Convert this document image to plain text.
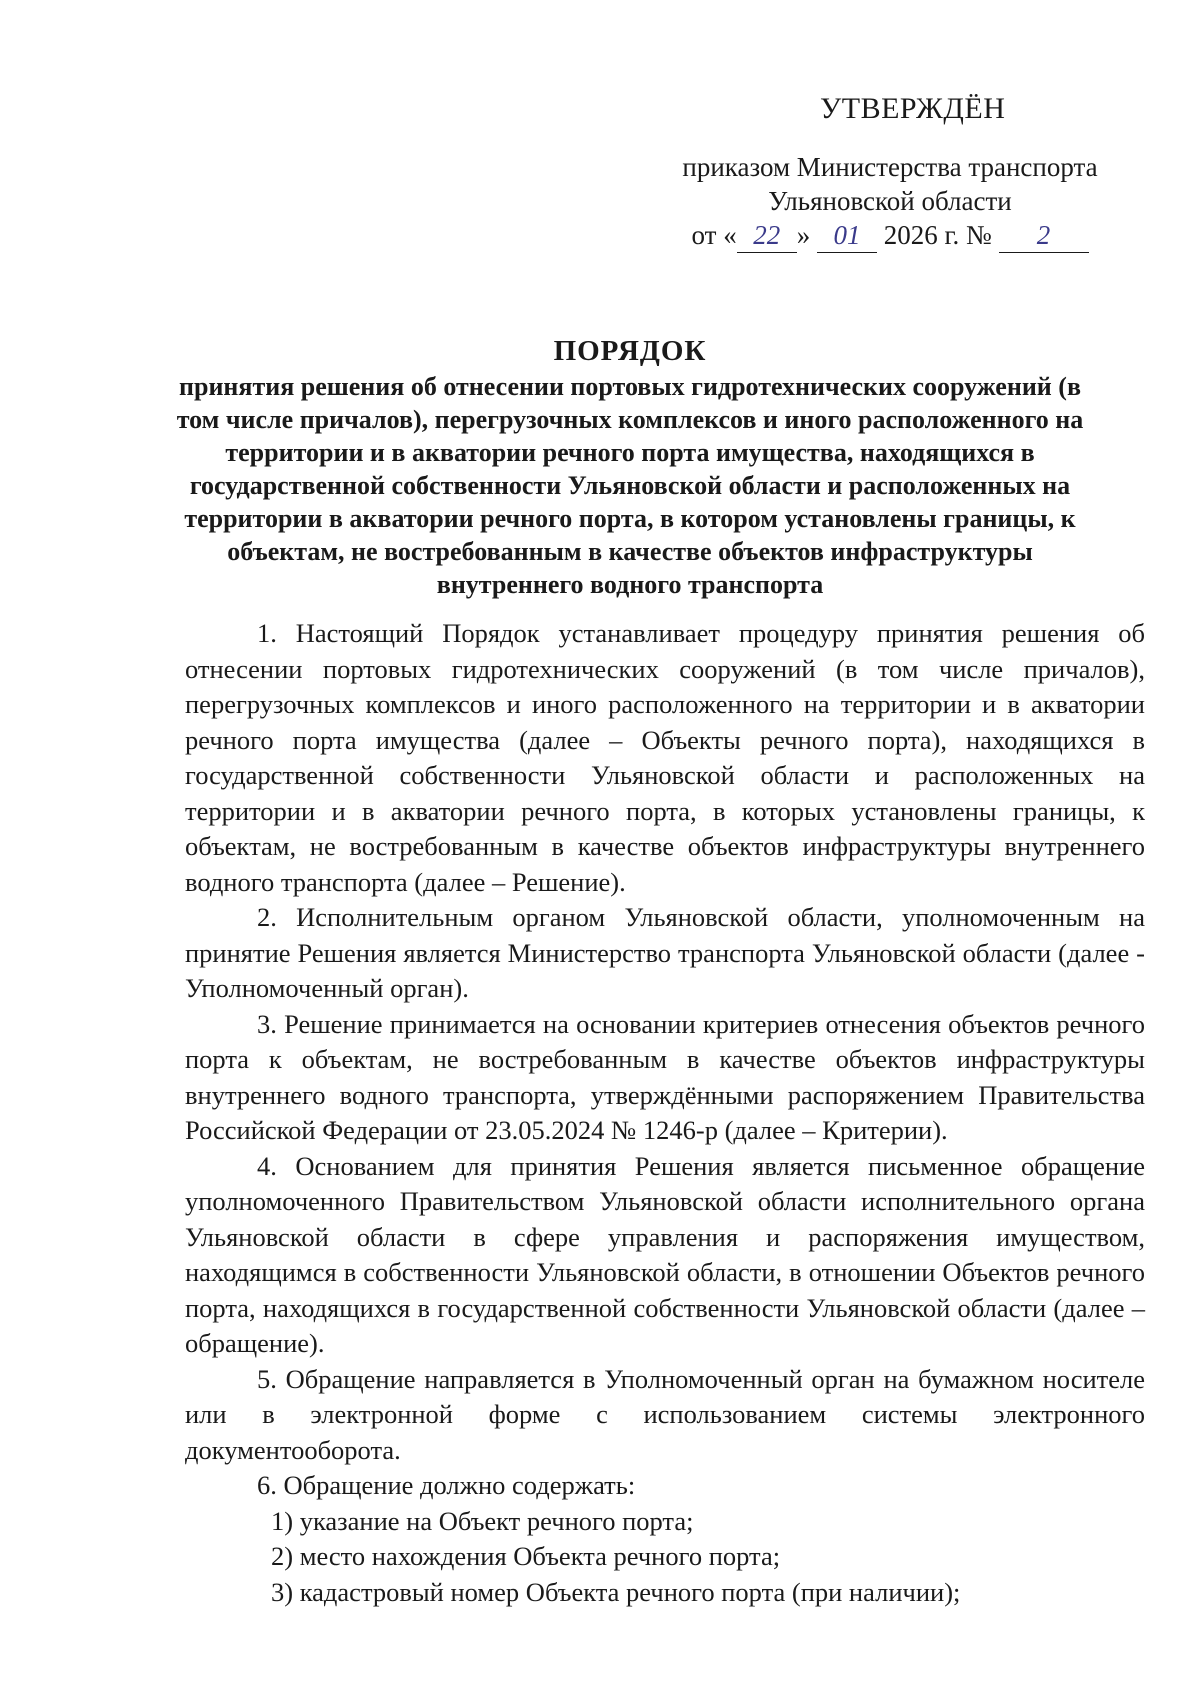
УТВЕРЖДЁН
приказом Министерства транспорта
Ульяновской области
от « 22 » 01 2026 г. № 2
ПОРЯДОК
принятия решения об отнесении портовых гидротехнических сооружений (в том числе причалов), перегрузочных комплексов и иного расположенного на территории и в акватории речного порта имущества, находящихся в государственной собственности Ульяновской области и расположенных на территории в акватории речного порта, в котором установлены границы, к объектам, не востребованным в качестве объектов инфраструктуры внутреннего водного транспорта

1. Настоящий Порядок устанавливает процедуру принятия решения об отнесении портовых гидротехнических сооружений (в том числе причалов), перегрузочных комплексов и иного расположенного на территории и в акватории речного порта имущества (далее – Объекты речного порта), находящихся в государственной собственности Ульяновской области и расположенных на территории и в акватории речного порта, в которых установлены границы, к объектам, не востребованным в качестве объектов инфраструктуры внутреннего водного транспорта (далее – Решение).

2. Исполнительным органом Ульяновской области, уполномоченным на принятие Решения является Министерство транспорта Ульяновской области (далее - Уполномоченный орган).

3. Решение принимается на основании критериев отнесения объектов речного порта к объектам, не востребованным в качестве объектов инфраструктуры внутреннего водного транспорта, утверждёнными распоряжением Правительства Российской Федерации от 23.05.2024 № 1246-р (далее – Критерии).

4. Основанием для принятия Решения является письменное обращение уполномоченного Правительством Ульяновской области исполнительного органа Ульяновской области в сфере управления и распоряжения имуществом, находящимся в собственности Ульяновской области, в отношении Объектов речного порта, находящихся в государственной собственности Ульяновской области (далее – обращение).

5. Обращение направляется в Уполномоченный орган на бумажном носителе или в электронной форме с использованием системы электронного документооборота.

6. Обращение должно содержать:

1) указание на Объект речного порта;

2) место нахождения Объекта речного порта;

3) кадастровый номер Объекта речного порта (при наличии);
